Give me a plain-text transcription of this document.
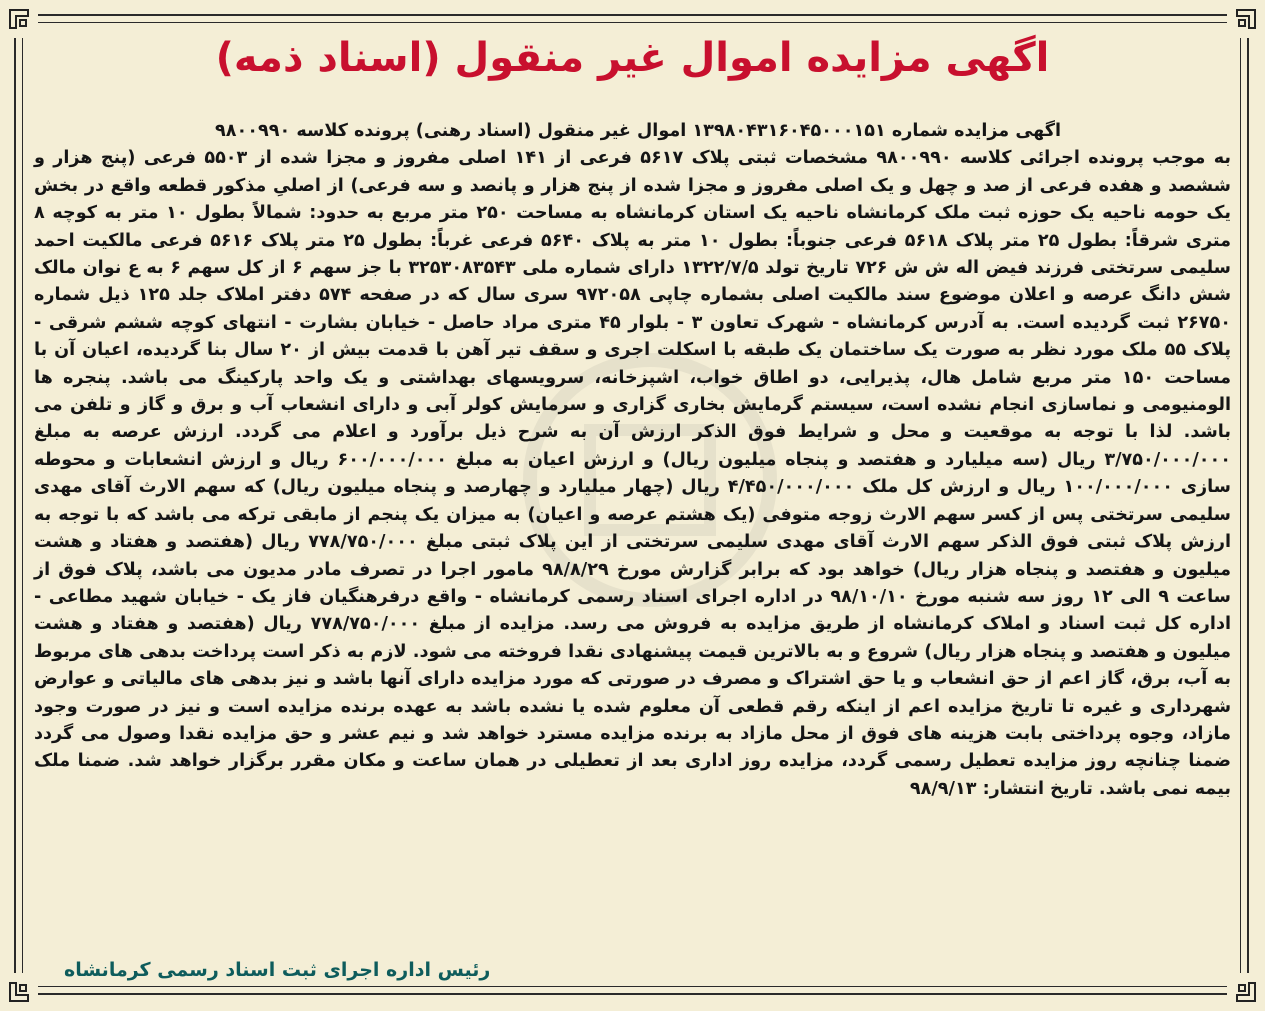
اگهی مزایده اموال غیر منقول (اسناد ذمه)

اگهی مزایده شماره ۱۳۹۸۰۴۳۱۶۰۴۵۰۰۰۱۵۱ اموال غیر منقول (اسناد رهنی) پرونده کلاسه ۹۸۰۰۹۹۰

به موجب پرونده اجرائی کلاسه ۹۸۰۰۹۹۰ مشخصات ثبتی پلاک ۵۶۱۷ فرعی از ۱۴۱ اصلی مفروز و مجزا شده از ۵۵۰۳ فرعی (پنج هزار و ششصد و هفده فرعی از صد و چهل و یک اصلی مفروز و مجزا شده از پنج هزار و پانصد و سه فرعی) از اصلیِ مذکور قطعه واقع در بخش یک حومه ناحیه یک حوزه ثبت ملک کرمانشاه ناحیه یک استان کرمانشاه به مساحت ۲۵۰ متر مربع به حدود: شمالاً بطول ۱۰ متر به کوچه ۸ متری شرقاً: بطول ۲۵ متر پلاک ۵۶۱۸ فرعی جنوباً: بطول ۱۰ متر به پلاک ۵۶۴۰ فرعی غرباً: بطول ۲۵ متر پلاک ۵۶۱۶ فرعی مالکیت احمد سلیمی سرتختی فرزند فیض اله ش ش ۷۲۶ تاریخ تولد ۱۳۲۲/۷/۵ دارای شماره ملی ۳۲۵۳۰۸۳۵۴۳ با جز سهم ۶ از کل سهم ۶ به ع نوان مالک شش دانگ عرصه و اعلان موضوع سند مالکیت اصلی بشماره چاپی ۹۷۲۰۵۸ سری سال که در صفحه ۵۷۴ دفتر املاک جلد ۱۲۵ ذیل شماره ۲۶۷۵۰ ثبت گردیده است. به آدرس کرمانشاه - شهرک تعاون ۳ - بلوار ۴۵ متری مراد حاصل - خیابان بشارت - انتهای کوچه ششم شرقی - پلاک ۵۵ ملک مورد نظر به صورت یک ساختمان یک طبقه با اسکلت اجری و سقف تیر آهن با قدمت بیش از ۲۰ سال بنا گردیده، اعیان آن با مساحت ۱۵۰ متر مربع شامل هال، پذیرایی، دو اطاق خواب، اشپزخانه، سرویسهای بهداشتی و یک واحد پارکینگ می باشد. پنجره ها الومنیومی و نماسازی انجام نشده است، سیستم گرمایش بخاری گزاری و سرمایش کولر آبی و دارای انشعاب آب و برق و گاز و تلفن می باشد. لذا با توجه به موقعیت و محل و شرایط فوق الذکر ارزش آن به شرح ذیل برآورد و اعلام می گردد. ارزش عرصه به مبلغ ۳/۷۵۰/۰۰۰/۰۰۰ ریال (سه میلیارد و هفتصد و پنجاه میلیون ریال) و ارزش اعیان به مبلغ ۶۰۰/۰۰۰/۰۰۰ ریال و ارزش انشعابات و محوطه سازی ۱۰۰/۰۰۰/۰۰۰ ریال و ارزش کل ملک ۴/۴۵۰/۰۰۰/۰۰۰ ریال (چهار میلیارد و چهارصد و پنجاه میلیون ریال) که سهم الارث آقای مهدی سلیمی سرتختی پس از کسر سهم الارث زوجه متوفی (یک هشتم عرصه و اعیان) به میزان یک پنجم از مابقی ترکه می باشد که با توجه به ارزش پلاک ثبتی فوق الذکر سهم الارث آقای مهدی سلیمی سرتختی از این پلاک ثبتی مبلغ ۷۷۸/۷۵۰/۰۰۰ ریال (هفتصد و هفتاد و هشت میلیون و هفتصد و پنجاه هزار ریال) خواهد بود که برابر گزارش مورخ ۹۸/۸/۲۹ مامور اجرا در تصرف مادر مدیون می باشد، پلاک فوق از ساعت ۹ الی ۱۲ روز سه شنبه مورخ ۹۸/۱۰/۱۰ در اداره اجرای اسناد رسمی کرمانشاه - واقع درفرهنگیان فاز یک - خیابان شهید مطاعی - اداره کل ثبت اسناد و املاک کرمانشاه از طریق مزایده به فروش می رسد. مزایده از مبلغ ۷۷۸/۷۵۰/۰۰۰ ریال (هفتصد و هفتاد و هشت میلیون و هفتصد و پنجاه هزار ریال) شروع و به بالاترین قیمت پیشنهادی نقدا فروخته می شود. لازم به ذکر است پرداخت بدهی های مربوط به آب، برق، گاز اعم از حق انشعاب و یا حق اشتراک و مصرف در صورتی که مورد مزایده دارای آنها باشد و نیز بدهی های مالیاتی و عوارض شهرداری و غیره تا تاریخ مزایده اعم از اینکه رقم قطعی آن معلوم شده یا نشده باشد به عهده برنده مزایده است و نیز در صورت وجود مازاد، وجوه پرداختی بابت هزینه های فوق از محل مازاد به برنده مزایده مسترد خواهد شد و نیم عشر و حق مزایده نقدا وصول می گردد ضمنا چنانچه روز مزایده تعطیل رسمی گردد، مزایده روز اداری بعد از تعطیلی در همان ساعت و مکان مقرر برگزار خواهد شد. ضمنا ملک بیمه نمی باشد. تاریخ انتشار: ۹۸/۹/۱۳

رئیس اداره اجرای ثبت اسناد رسمی کرمانشاه
